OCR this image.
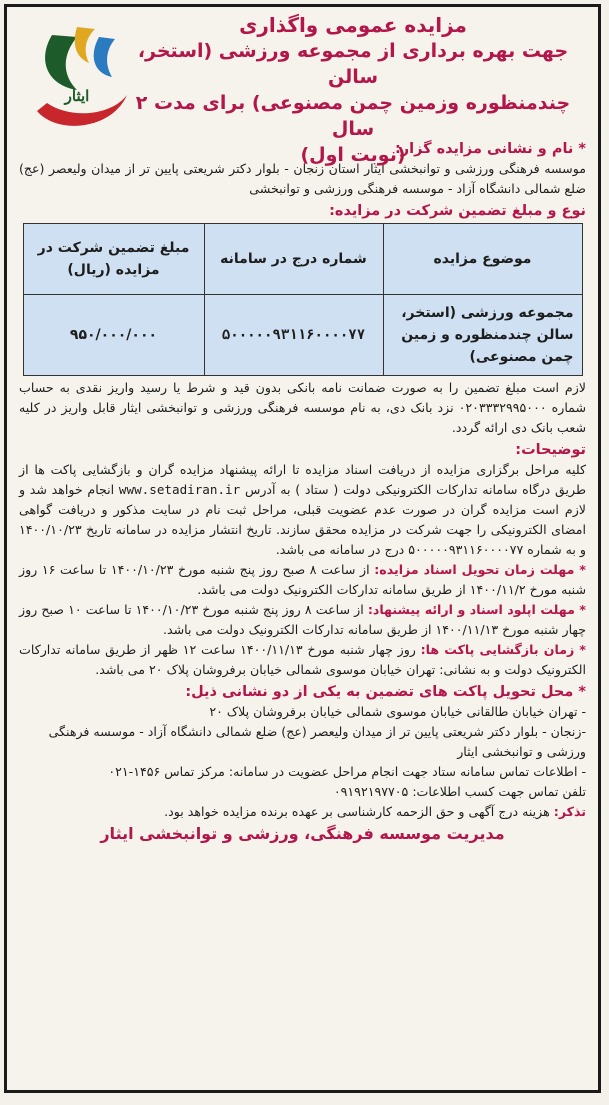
مزایده عمومی واگذاری
جهت بهره برداری از مجموعه ورزشی (استخر، سالن
چندمنظوره وزمین چمن مصنوعی) برای مدت ۲ سال
(نوبت اول)
ایثار
* نام و نشانی مزایده گزار:
موسسه فرهنگی ورزشی و توانبخشی ایثار استان زنجان - بلوار دکتر شریعتی پایین تر از میدان ولیعصر (عج) ضلع شمالی دانشگاه آزاد - موسسه فرهنگی ورزشی و توانبخشی
نوع و مبلغ تضمین شرکت در مزایده:
موضوع مزایده	شماره درج در سامانه	مبلغ تضمین شرکت در مزایده (ریال)
مجموعه ورزشی (استخر، سالن چندمنظوره و زمین چمن مصنوعی)	۵۰۰۰۰۰۹۳۱۱۶۰۰۰۰۷۷	۹۵۰/۰۰۰/۰۰۰
لازم است مبلغ تضمین را به صورت ضمانت نامه بانکی بدون قید و شرط یا رسید واریز نقدی به حساب شماره ۰۲۰۳۳۳۲۹۹۵۰۰۰ نزد بانک دی، به نام موسسه فرهنگی ورزشی و توانبخشی ایثار قابل واریز در کلیه شعب بانک دی ارائه گردد.
توضیحات:
کلیه مراحل برگزاری مزایده از دریافت اسناد مزایده تا ارائه پیشنهاد مزایده گران و بازگشایی پاکت ها از طریق درگاه سامانه تدارکات الکترونیکی دولت ( ستاد ) به آدرس www.setadiran.ir انجام خواهد شد و لازم است مزایده گران در صورت عدم عضویت قبلی، مراحل ثبت نام در سایت مذکور و دریافت گواهی امضای الکترونیکی را جهت شرکت در مزایده محقق سازند. تاریخ انتشار مزایده در سامانه تاریخ ۱۴۰۰/۱۰/۲۳ و به شماره ۵۰۰۰۰۰۹۳۱۱۶۰۰۰۰۷۷ درج در سامانه می باشد.
* مهلت زمان تحویل اسناد مزایده: از ساعت ۸ صبح روز پنج شنبه مورخ ۱۴۰۰/۱۰/۲۳ تا ساعت ۱۶ روز شنبه مورخ ۱۴۰۰/۱۱/۲ از طریق سامانه تدارکات الکترونیک دولت می باشد.
* مهلت اپلود اسناد و ارائه پیشنهاد: از ساعت ۸ روز پنج شنبه مورخ ۱۴۰۰/۱۰/۲۳ تا ساعت ۱۰ صبح روز چهار شنبه مورخ ۱۴۰۰/۱۱/۱۳ از طریق سامانه تدارکات الکترونیک دولت می باشد.
* زمان بازگشایی پاکت ها: روز چهار شنبه مورخ ۱۴۰۰/۱۱/۱۳ ساعت ۱۲ ظهر از طریق سامانه تدارکات الکترونیک دولت و به نشانی: تهران خیابان موسوی شمالی خیابان برفروشان پلاک ۲۰ می باشد.
* محل تحویل پاکت های تضمین به یکی از دو نشانی ذیل:
- تهران خیابان طالقانی خیابان موسوی شمالی خیابان برفروشان پلاک ۲۰
-زنجان - بلوار دکتر شریعتی پایین تر از میدان ولیعصر (عج) ضلع شمالی دانشگاه آزاد - موسسه فرهنگی ورزشی و توانبخشی ایثار
- اطلاعات تماس سامانه ستاد جهت انجام مراحل عضویت در سامانه: مرکز تماس ۱۴۵۶-۰۲۱
تلفن تماس جهت کسب اطلاعات: ۰۹۱۹۲۱۹۷۷۰۵
تذکر: هزینه درج آگهی و حق الزحمه کارشناسی بر عهده برنده مزایده خواهد بود.
مدیریت موسسه فرهنگی، ورزشی و توانبخشی ایثار
